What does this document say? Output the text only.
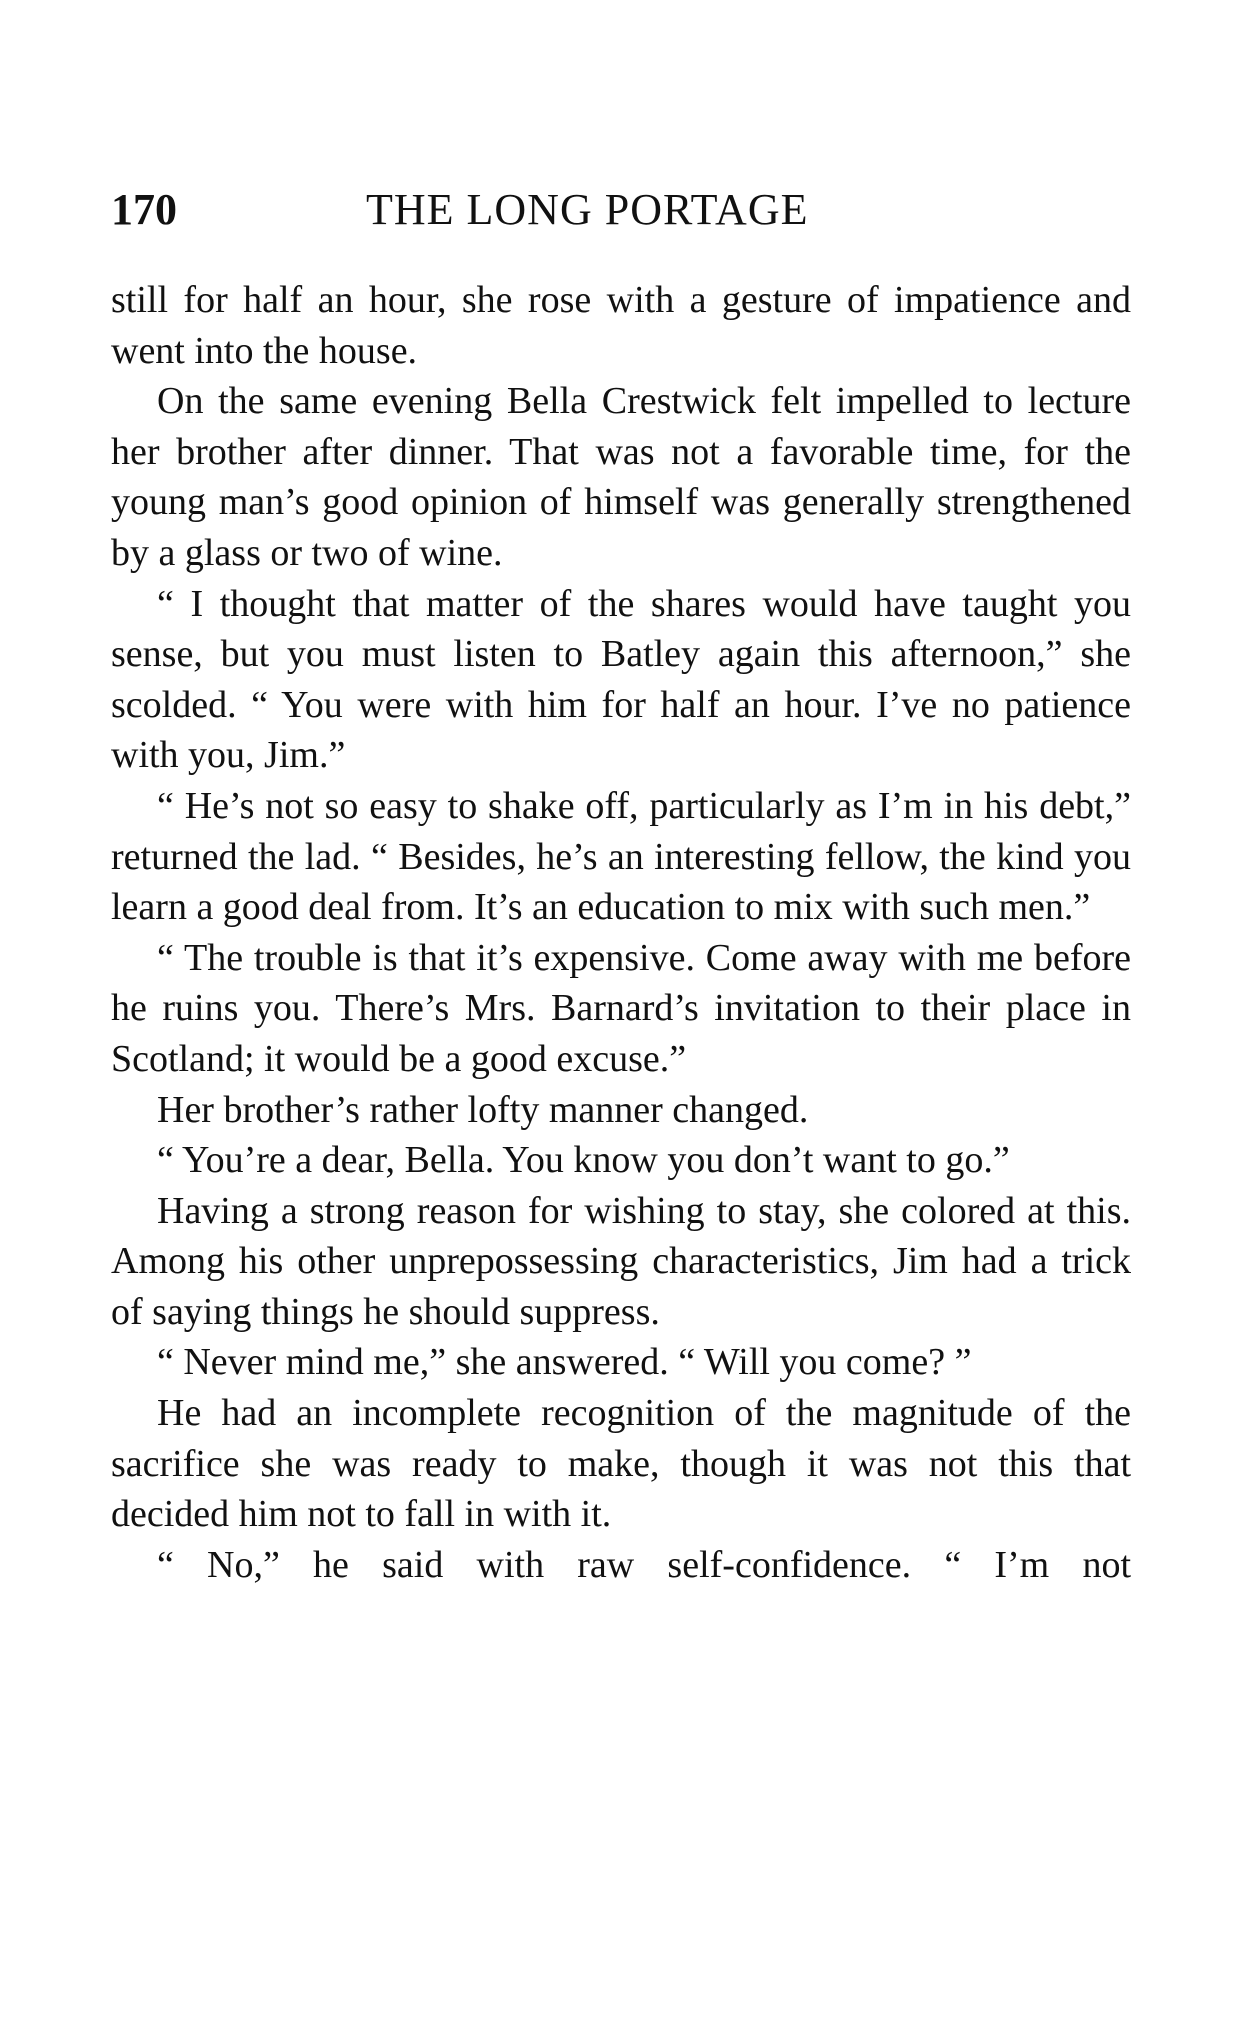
170	THE LONG PORTAGE

still for half an hour, she rose with a gesture of impatience and went into the house.

On the same evening Bella Crestwick felt impelled to lecture her brother after dinner. That was not a favorable time, for the young man’s good opinion of himself was generally strengthened by a glass or two of wine.

“ I thought that matter of the shares would have taught you sense, but you must listen to Batley again this afternoon,” she scolded. “ You were with him for half an hour. I’ve no patience with you, Jim.”

“ He’s not so easy to shake off, particularly as I’m in his debt,” returned the lad. “ Besides, he’s an interesting fellow, the kind you learn a good deal from. It’s an education to mix with such men.”

“ The trouble is that it’s expensive. Come away with me before he ruins you. There’s Mrs. Barnard’s invitation to their place in Scotland; it would be a good excuse.”

Her brother’s rather lofty manner changed.

“ You’re a dear, Bella. You know you don’t want to go.”

Having a strong reason for wishing to stay, she colored at this. Among his other unprepossessing characteristics, Jim had a trick of saying things he should suppress.

“ Never mind me,” she answered. “ Will you come? ”

He had an incomplete recognition of the magnitude of the sacrifice she was ready to make, though it was not this that decided him not to fall in with it.

“ No,” he said with raw self-confidence. “ I’m not
